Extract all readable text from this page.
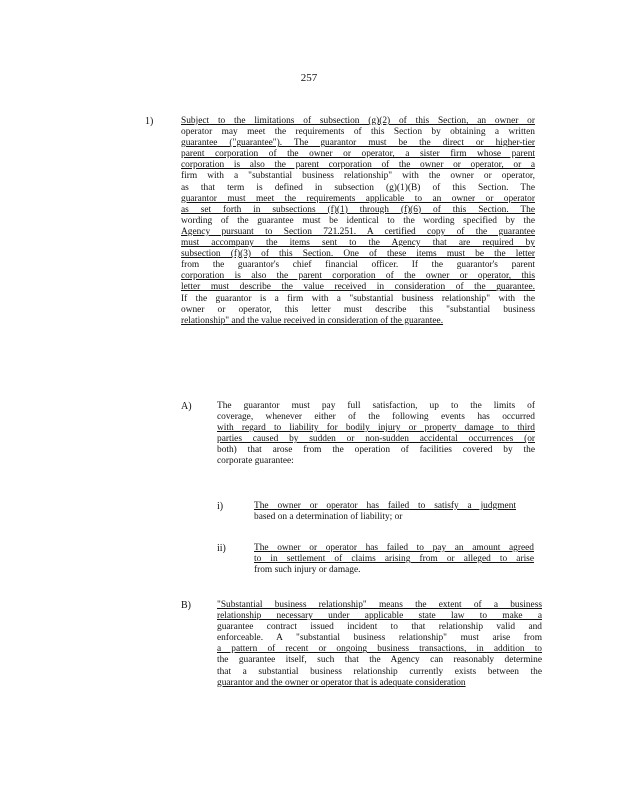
257
1)	Subject to the limitations of subsection (g)(2) of this Section, an owner or
operator may meet the requirements of this Section by obtaining a written
guarantee ("guarantee"). The guarantor must be the direct or higher-tier
parent corporation of the owner or operator, a sister firm whose parent
corporation is also the parent corporation of the owner or operator, or a
firm with a "substantial business relationship" with the owner or operator,
as that term is defined in subsection (g)(1)(B) of this Section. The
guarantor must meet the requirements applicable to an owner or operator
as set forth in subsections (f)(1) through (f)(6) of this Section. The
wording of the guarantee must be identical to the wording specified by the
Agency pursuant to Section 721.251. A certified copy of the guarantee
must accompany the items sent to the Agency that are required by
subsection (f)(3) of this Section. One of these items must be the letter
from the guarantor's chief financial officer. If the guarantor's parent
corporation is also the parent corporation of the owner or operator, this
letter must describe the value received in consideration of the guarantee.
If the guarantor is a firm with a "substantial business relationship" with the
owner or operator, this letter must describe this "substantial business
relationship" and the value received in consideration of the guarantee.
A)	The guarantor must pay full satisfaction, up to the limits of
coverage, whenever either of the following events has occurred
with regard to liability for bodily injury or property damage to third
parties caused by sudden or non-sudden accidental occurrences (or
both) that arose from the operation of facilities covered by the
corporate guarantee:
i)	The owner or operator has failed to satisfy a judgment
based on a determination of liability; or
ii)	The owner or operator has failed to pay an amount agreed
to in settlement of claims arising from or alleged to arise
from such injury or damage.
B)	"Substantial business relationship" means the extent of a business
relationship necessary under applicable state law to make a
guarantee contract issued incident to that relationship valid and
enforceable. A "substantial business relationship" must arise from
a pattern of recent or ongoing business transactions, in addition to
the guarantee itself, such that the Agency can reasonably determine
that a substantial business relationship currently exists between the
guarantor and the owner or operator that is adequate consideration
